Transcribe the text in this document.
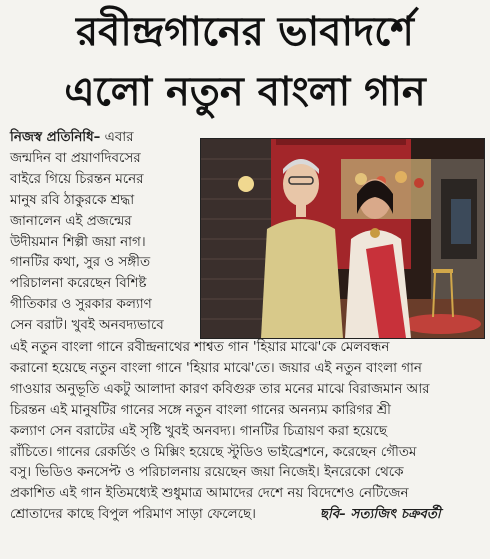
রবীন্দ্রগানের ভাবাদর্শে
এলো নতুন বাংলা গান
নিজস্ব প্রতিনিধি– এবার
জন্মদিন বা প্রয়াণদিবসের
বাইরে গিয়ে চিরন্তন মনের
মানুষ রবি ঠাকুরকে শ্রদ্ধা
জানালেন এই প্রজন্মের
উদীয়মান শিল্পী জয়া নাগ।
গানটির কথা, সুর ও সঙ্গীত
পরিচালনা করেছেন বিশিষ্ট
গীতিকার ও সুরকার কল্যাণ
সেন বরাট। খুবই অনবদ্যভাবে
এই নতুন বাংলা গানে রবীন্দ্রনাথের শাশ্বত গান 'হিয়ার মাঝে'কে মেলবন্ধন
করানো হয়েছে নতুন বাংলা গানে 'হিয়ার মাঝে'তে। জয়ার এই নতুন বাংলা গান
গাওয়ার অনুভূতি একটু আলাদা কারণ কবিগুরু তার মনের মাঝে বিরাজমান আর
চিরন্তন এই মানুষটির গানের সঙ্গে নতুন বাংলা গানের অনন্যম কারিগর শ্রী
কল্যাণ সেন বরাটের এই সৃষ্টি খুবই অনবদ্য। গানটির চিত্রায়ণ করা হয়েছে
রাঁচিতে। গানের রেকর্ডিং ও মিক্সিং হয়েছে স্টুডিও ভাইব্রেশনে, করেছেন গৌতম
বসু। ভিডিও কনসেপ্ট ও পরিচালনায় রয়েছেন জয়া নিজেই। ইনরেকো থেকে
প্রকাশিত এই গান ইতিমধ্যেই শুধুমাত্র আমাদের দেশে নয় বিদেশেও নেটিজেন
শ্রোতাদের কাছে বিপুল পরিমাণ সাড়া ফেলেছে।	ছবি– সত্যজিৎ চক্রবর্তী
